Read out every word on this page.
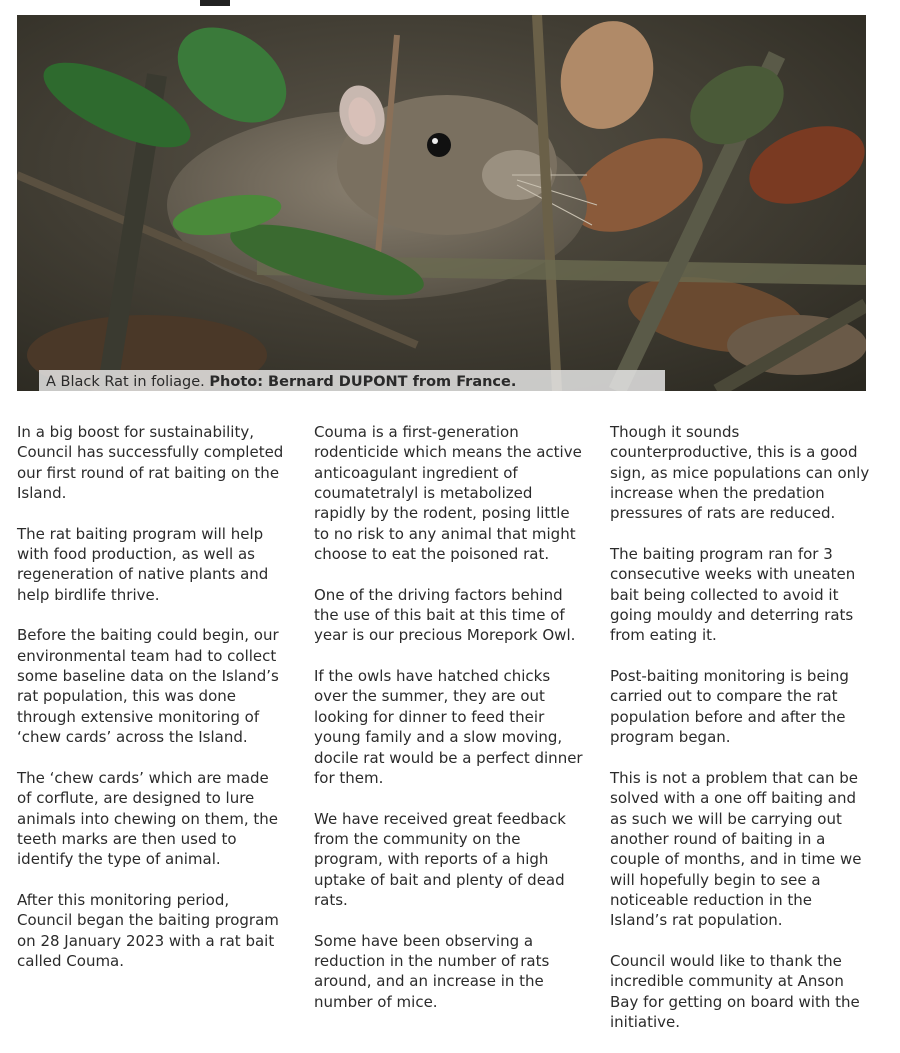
A Black Rat in foliage. Photo: Bernard DUPONT from France.

In a big boost for sustainability, Council has successfully completed our first round of rat baiting on the Island.

The rat baiting program will help with food production, as well as regeneration of native plants and help birdlife thrive.

Before the baiting could begin, our environmental team had to collect some baseline data on the Island’s rat population, this was done through extensive monitoring of ‘chew cards’ across the Island.

The ‘chew cards’ which are made of corflute, are designed to lure animals into chewing on them, the teeth marks are then used to identify the type of animal.

After this monitoring period, Council began the baiting program on 28 January 2023 with a rat bait called Couma.

Couma is a first-generation rodenticide which means the active anticoagulant ingredient of coumatetralyl is metabolized rapidly by the rodent, posing little to no risk to any animal that might choose to eat the poisoned rat.

One of the driving factors behind the use of this bait at this time of year is our precious Morepork Owl.

If the owls have hatched chicks over the summer, they are out looking for dinner to feed their young family and a slow moving, docile rat would be a perfect dinner for them.

We have received great feedback from the community on the program, with reports of a high uptake of bait and plenty of dead rats.

Some have been observing a reduction in the number of rats around, and an increase in the number of mice.

Though it sounds counterproductive, this is a good sign, as mice populations can only increase when the predation pressures of rats are reduced.

The baiting program ran for 3 consecutive weeks with uneaten bait being collected to avoid it going mouldy and deterring rats from eating it.

Post-baiting monitoring is being carried out to compare the rat population before and after the program began.

This is not a problem that can be solved with a one off baiting and as such we will be carrying out another round of baiting in a couple of months, and in time we will hopefully begin to see a noticeable reduction in the Island’s rat population.

Council would like to thank the incredible community at Anson Bay for getting on board with the initiative.
